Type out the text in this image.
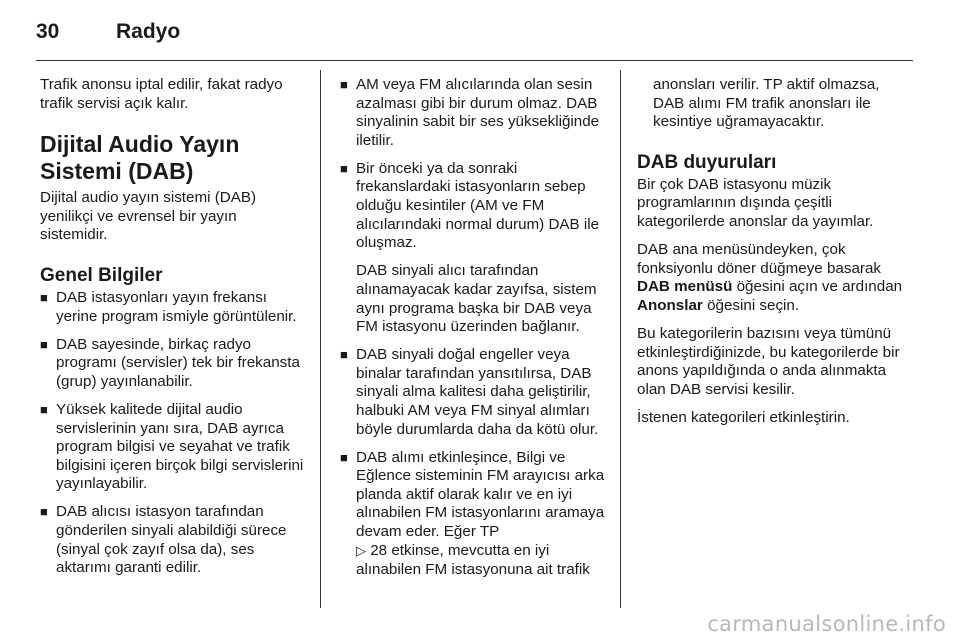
30	Radyo

Trafik anonsu iptal edilir, fakat radyo trafik servisi açık kalır.

Dijital Audio Yayın Sistemi (DAB)

Dijital audio yayın sistemi (DAB) yenilikçi ve evrensel bir yayın sistemidir.

Genel Bilgiler
■ DAB istasyonları yayın frekansı yerine program ismiyle görüntülenir.
■ DAB sayesinde, birkaç radyo programı (servisler) tek bir frekansta (grup) yayınlanabilir.
■ Yüksek kalitede dijital audio servislerinin yanı sıra, DAB ayrıca program bilgisi ve seyahat ve trafik bilgisini içeren birçok bilgi servislerini yayınlayabilir.
■ DAB alıcısı istasyon tarafından gönderilen sinyali alabildiği sürece (sinyal çok zayıf olsa da), ses aktarımı garanti edilir.
■ AM veya FM alıcılarında olan sesin azalması gibi bir durum olmaz. DAB sinyalinin sabit bir ses yüksekliğinde iletilir.
■ Bir önceki ya da sonraki frekanslardaki istasyonların sebep olduğu kesintiler (AM ve FM alıcılarındaki normal durum) DAB ile oluşmaz.
DAB sinyali alıcı tarafından alınamayacak kadar zayıfsa, sistem aynı programa başka bir DAB veya FM istasyonu üzerinden bağlanır.
■ DAB sinyali doğal engeller veya binalar tarafından yansıtılırsa, DAB sinyali alma kalitesi daha geliştirilir, halbuki AM veya FM sinyal alımları böyle durumlarda daha da kötü olur.
■ DAB alımı etkinleşince, Bilgi ve Eğlence sisteminin FM arayıcısı arka planda aktif olarak kalır ve en iyi alınabilen FM istasyonlarını aramaya devam eder. Eğer TP
▷ 28 etkinse, mevcutta en iyi alınabilen FM istasyonuna ait trafik

anonsları verilir. TP aktif olmazsa, DAB alımı FM trafik anonsları ile kesintiye uğramayacaktır.

DAB duyuruları

Bir çok DAB istasyonu müzik programlarının dışında çeşitli kategorilerde anonslar da yayımlar.

DAB ana menüsündeyken, çok fonksiyonlu döner düğmeye basarak DAB menüsü öğesini açın ve ardından Anonslar öğesini seçin.

Bu kategorilerin bazısını veya tümünü etkinleştirdiğinizde, bu kategorilerde bir anons yapıldığında o anda alınmakta olan DAB servisi kesilir.

İstenen kategorileri etkinleştirin.

carmanualsonline.info
